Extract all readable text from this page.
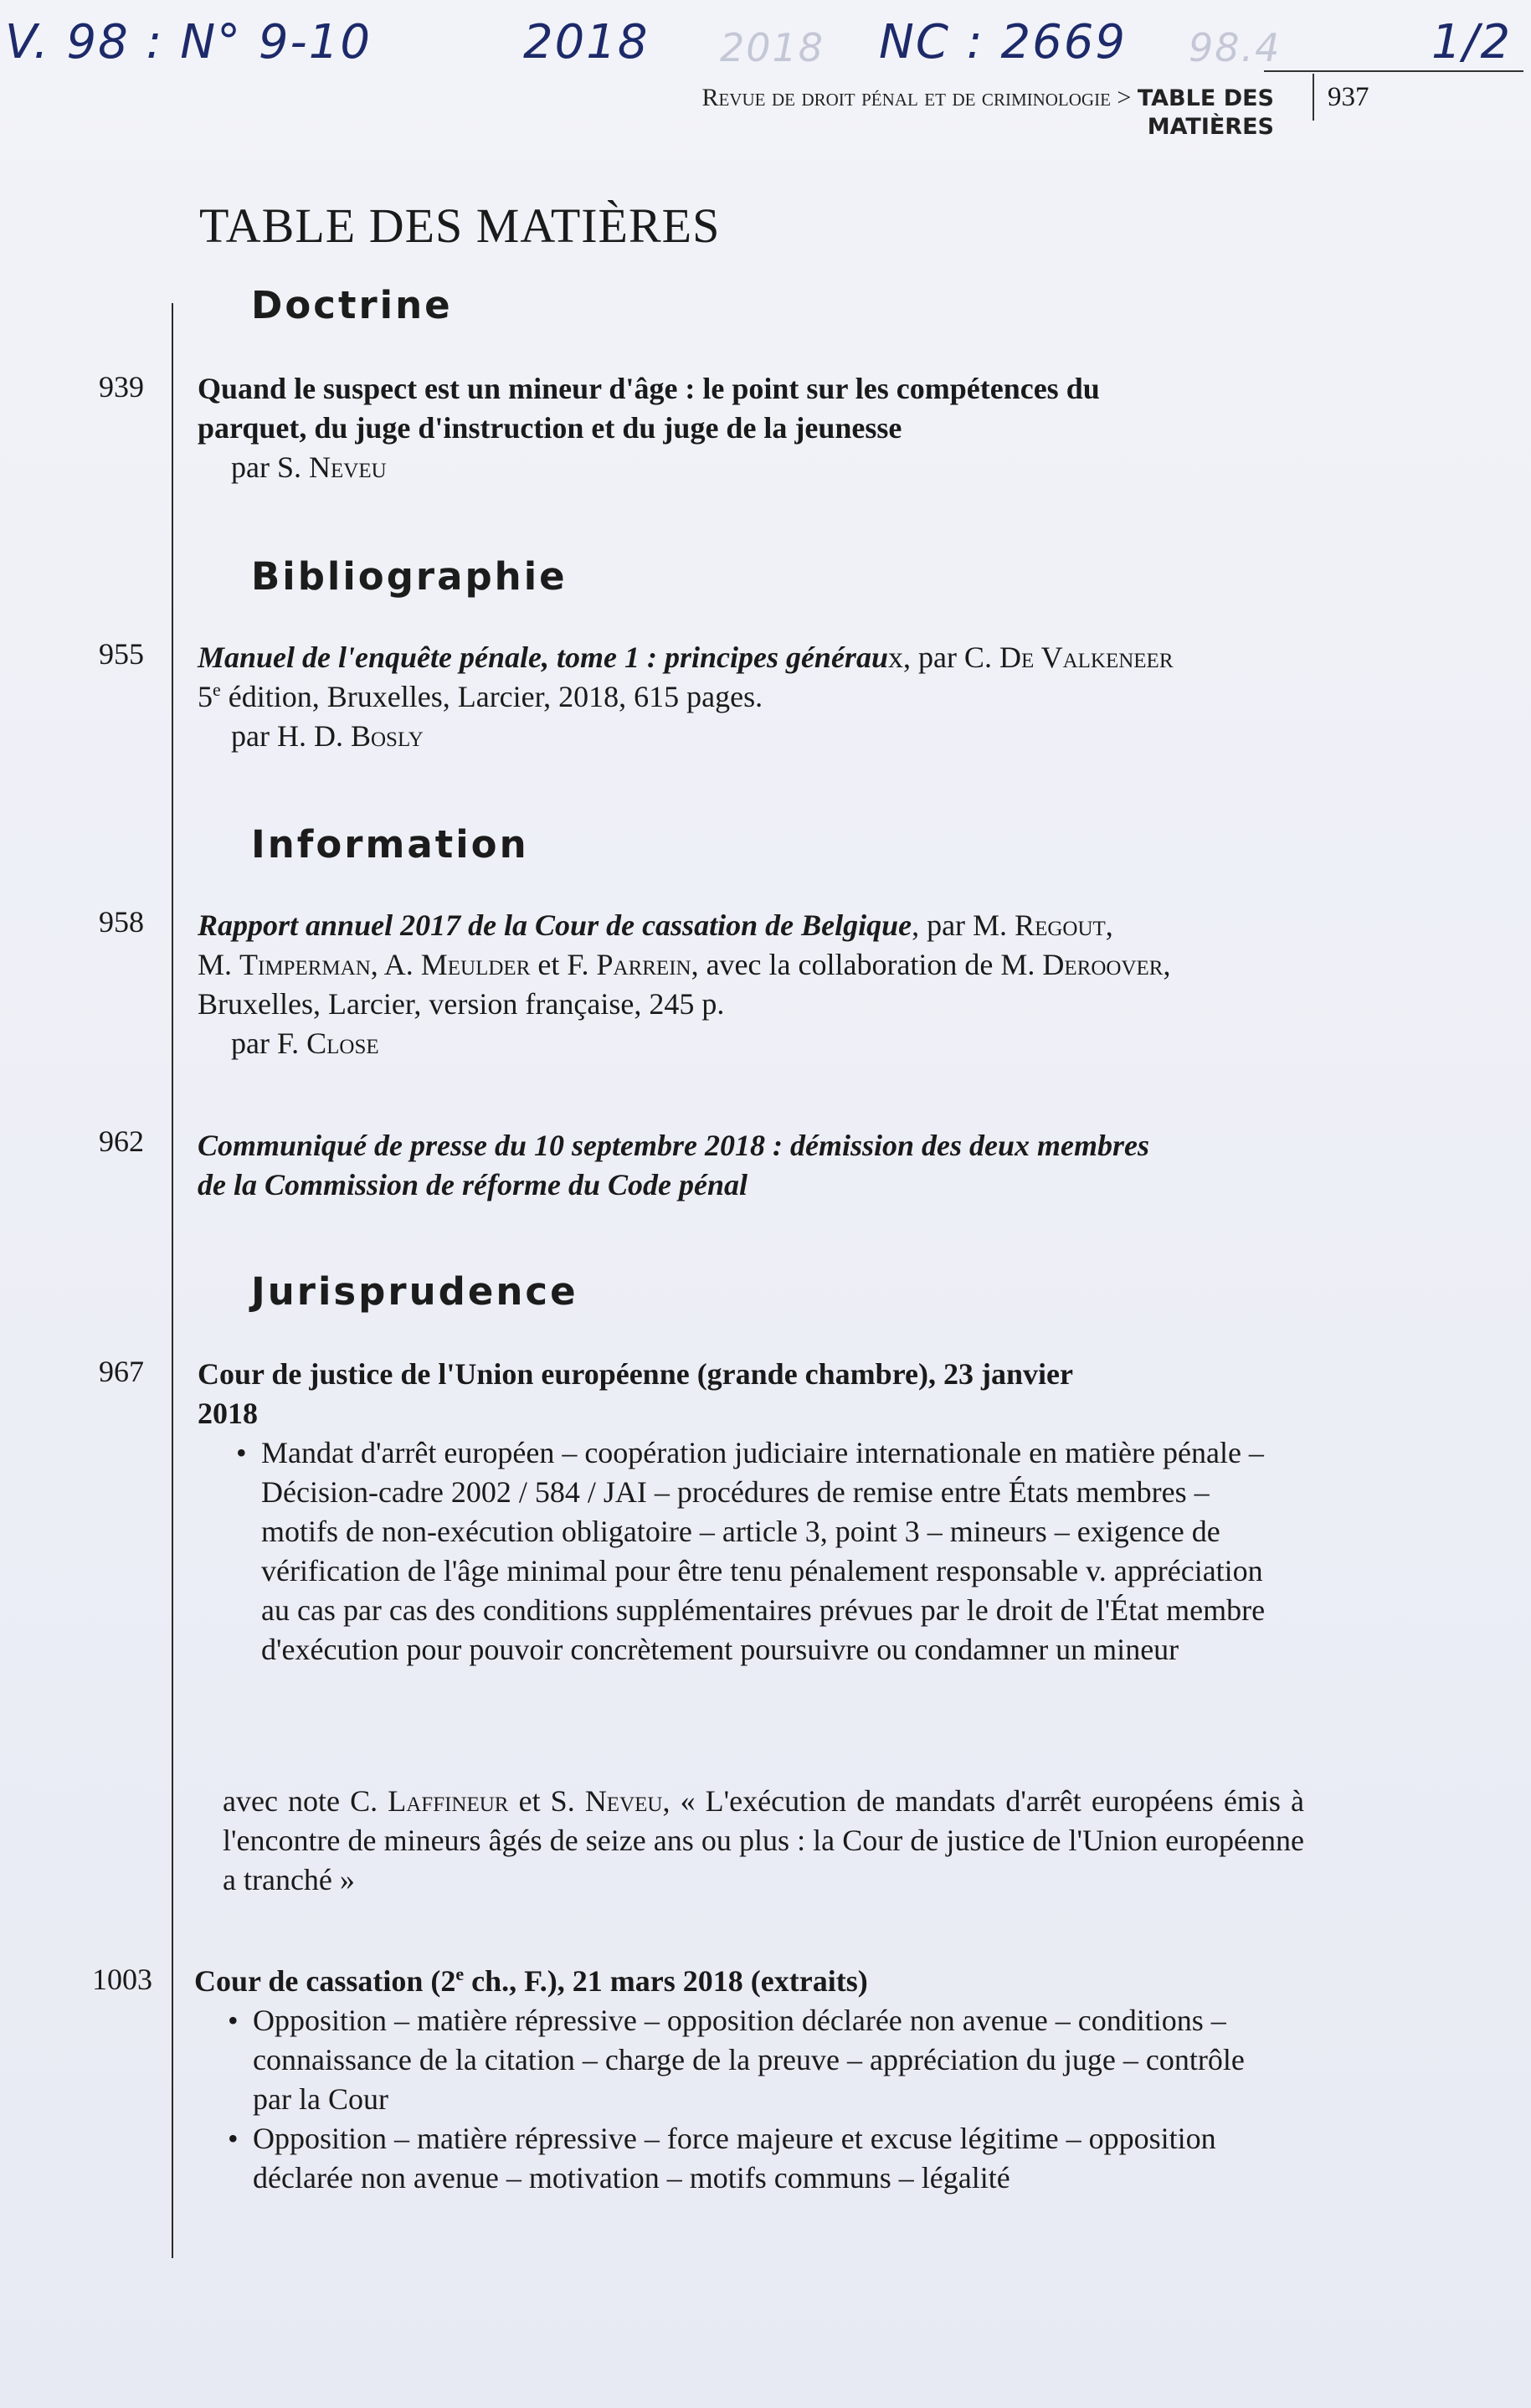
V. 98 : N° 9-10	2018 2018 NC : 2669 98.4	1/2
Revue de droit pénal et de criminologie > TABLE DES MATIÈRES
937
TABLE DES MATIÈRES
Doctrine
939 Quand le suspect est un mineur d'âge : le point sur les compétences du
parquet, du juge d'instruction et du juge de la jeunesse
par S. Neveu
Bibliographie
955 Manuel de l'enquête pénale, tome 1 : principes généraux, par C. De Valkeneer
5e édition, Bruxelles, Larcier, 2018, 615 pages.
par H. D. Bosly
Information
958 Rapport annuel 2017 de la Cour de cassation de Belgique, par M. Regout,
M. Timperman, A. Meulder et F. Parrein, avec la collaboration de M. Deroover,
Bruxelles, Larcier, version française, 245 p.
par F. Close
962 Communiqué de presse du 10 septembre 2018 : démission des deux membres
de la Commission de réforme du Code pénal
Jurisprudence
967 Cour de justice de l'Union européenne (grande chambre), 23 janvier
2018
• Mandat d'arrêt européen – coopération judiciaire internationale en matière pénale – Décision-cadre 2002 / 584 / JAI – procédures de remise entre États membres – motifs de non-exécution obligatoire – article 3, point 3 – mineurs – exigence de vérification de l'âge minimal pour être tenu pénalement responsable v. appréciation au cas par cas des conditions supplémentaires prévues par le droit de l'État membre d'exécution pour pouvoir concrètement poursuivre ou condamner un mineur
avec note C. Laffineur et S. Neveu, « L'exécution de mandats d'arrêt européens émis à l'encontre de mineurs âgés de seize ans ou plus : la Cour de justice de l'Union européenne a tranché »
1003 Cour de cassation (2e ch., F.), 21 mars 2018 (extraits)
• Opposition – matière répressive – opposition déclarée non avenue – conditions – connaissance de la citation – charge de la preuve – appréciation du juge – contrôle par la Cour
• Opposition – matière répressive – force majeure et excuse légitime – opposition déclarée non avenue – motivation – motifs communs – légalité
